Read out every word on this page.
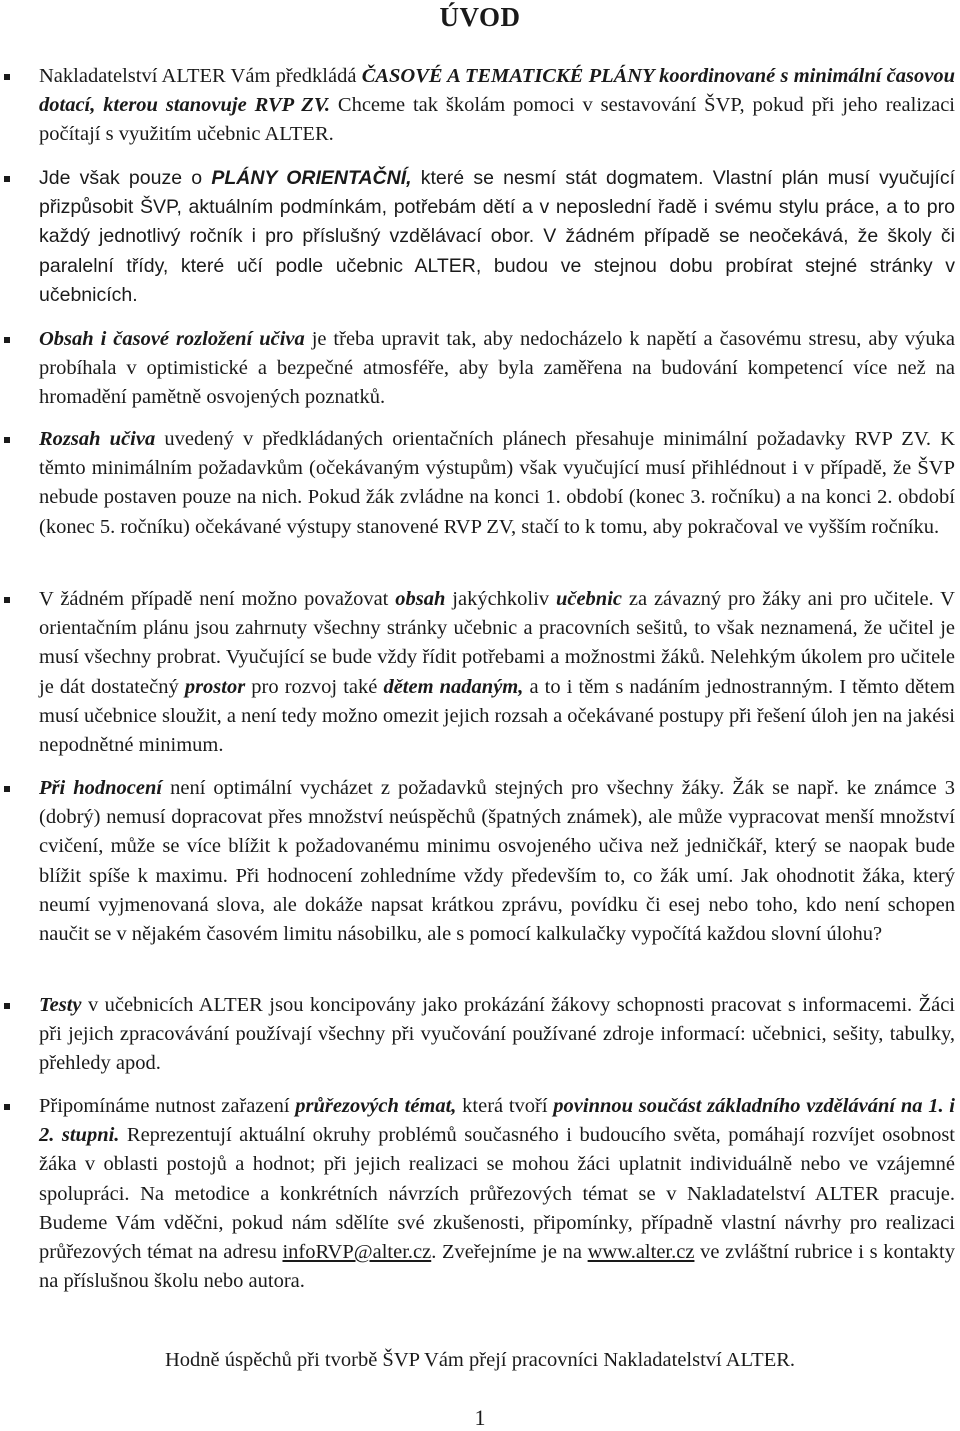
ÚVOD

Nakladatelství ALTER Vám předkládá ČASOVÉ A TEMATICKÉ PLÁNY koordinované s minimální časovou dotací, kterou stanovuje RVP ZV. Chceme tak školám pomoci v sestavování ŠVP, pokud při jeho realizaci počítají s využitím učebnic ALTER.

Jde však pouze o PLÁNY ORIENTAČNÍ, které se nesmí stát dogmatem. Vlastní plán musí vyučující přizpůsobit ŠVP, aktuálním podmínkám, potřebám dětí a v neposlední řadě i svému stylu práce, a to pro každý jednotlivý ročník i pro příslušný vzdělávací obor. V žádném případě se neočekává, že školy či paralelní třídy, které učí podle učebnic ALTER, budou ve stejnou dobu probírat stejné stránky v učebnicích.

Obsah i časové rozložení učiva je třeba upravit tak, aby nedocházelo k napětí a časovému stresu, aby výuka probíhala v optimistické a bezpečné atmosféře, aby byla zaměřena na budování kompetencí více než na hromadění pamětně osvojených poznatků.

Rozsah učiva uvedený v předkládaných orientačních plánech přesahuje minimální požadavky RVP ZV. K těmto minimálním požadavkům (očekávaným výstupům) však vyučující musí přihlédnout i v případě, že ŠVP nebude postaven pouze na nich. Pokud žák zvládne na konci 1. období (konec 3. ročníku) a na konci 2. období (konec 5. ročníku) očekávané výstupy stanovené RVP ZV, stačí to k tomu, aby pokračoval ve vyšším ročníku.

V žádném případě není možno považovat obsah jakýchkoliv učebnic za závazný pro žáky ani pro učitele. V orientačním plánu jsou zahrnuty všechny stránky učebnic a pracovních sešitů, to však neznamená, že učitel je musí všechny probrat. Vyučující se bude vždy řídit potřebami a možnostmi žáků. Nelehkým úkolem pro učitele je dát dostatečný prostor pro rozvoj také dětem nadaným, a to i těm s nadáním jednostranným. I těmto dětem musí učebnice sloužit, a není tedy možno omezit jejich rozsah a očekávané postupy při řešení úloh jen na jakési nepodnětné minimum.

Při hodnocení není optimální vycházet z požadavků stejných pro všechny žáky. Žák se např. ke známce 3 (dobrý) nemusí dopracovat přes množství neúspěchů (špatných známek), ale může vypracovat menší množství cvičení, může se více blížit k požadovanému minimu osvojeného učiva než jedničkář, který se naopak bude blížit spíše k maximu. Při hodnocení zohledníme vždy především to, co žák umí. Jak ohodnotit žáka, který neumí vyjmenovaná slova, ale dokáže napsat krátkou zprávu, povídku či esej nebo toho, kdo není schopen naučit se v nějakém časovém limitu násobilku, ale s pomocí kalkulačky vypočítá každou slovní úlohu?

Testy v učebnicích ALTER jsou koncipovány jako prokázání žákovy schopnosti pracovat s informacemi. Žáci při jejich zpracovávání používají všechny při vyučování používané zdroje informací: učebnici, sešity, tabulky, přehledy apod.

Připomínáme nutnost zařazení průřezových témat, která tvoří povinnou součást základního vzdělávání na 1. i 2. stupni. Reprezentují aktuální okruhy problémů současného i budoucího světa, pomáhají rozvíjet osobnost žáka v oblasti postojů a hodnot; při jejich realizaci se mohou žáci uplatnit individuálně nebo ve vzájemné spolupráci. Na metodice a konkrétních návrzích průřezových témat se v Nakladatelství ALTER pracuje. Budeme Vám vděčni, pokud nám sdělíte své zkušenosti, připomínky, případně vlastní návrhy pro realizaci průřezových témat na adresu infoRVP@alter.cz. Zveřejníme je na www.alter.cz ve zvláštní rubrice i s kontakty na příslušnou školu nebo autora.

Hodně úspěchů při tvorbě ŠVP Vám přejí pracovníci Nakladatelství ALTER.
1
